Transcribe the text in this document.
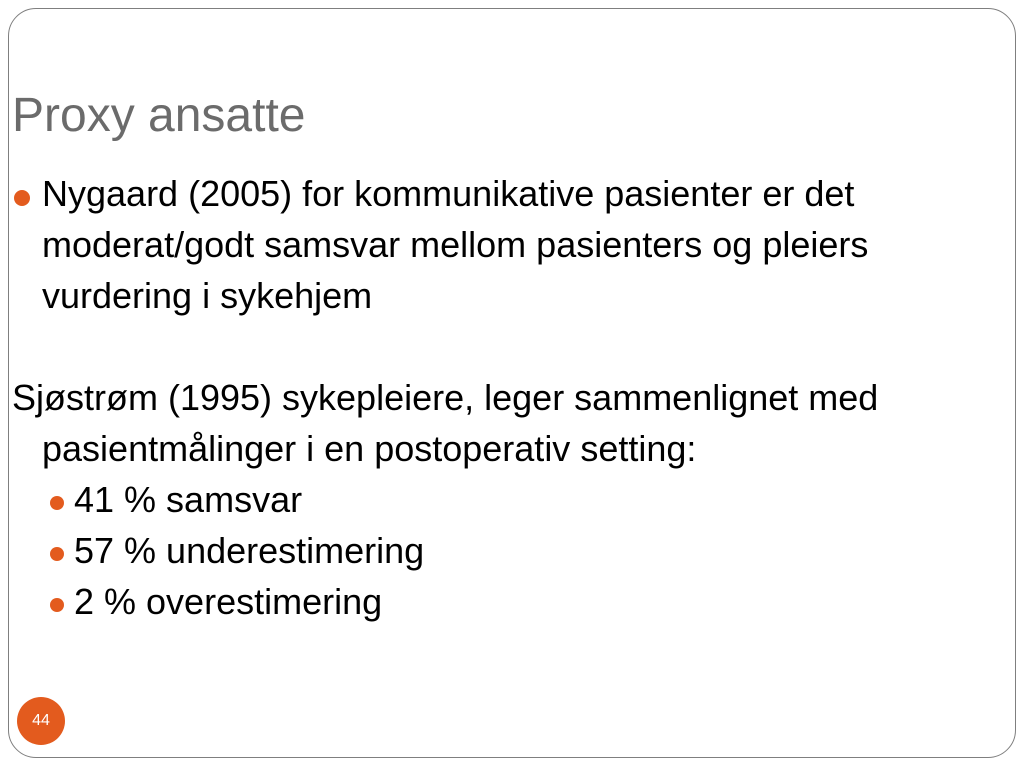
Proxy ansatte
Nygaard (2005) for kommunikative pasienter er det moderat/godt samsvar mellom pasienters og pleiers vurdering i sykehjem
Sjøstrøm (1995) sykepleiere, leger sammenlignet med pasientmålinger i en postoperativ setting:
41 % samsvar
57 % underestimering
2 % overestimering
44
